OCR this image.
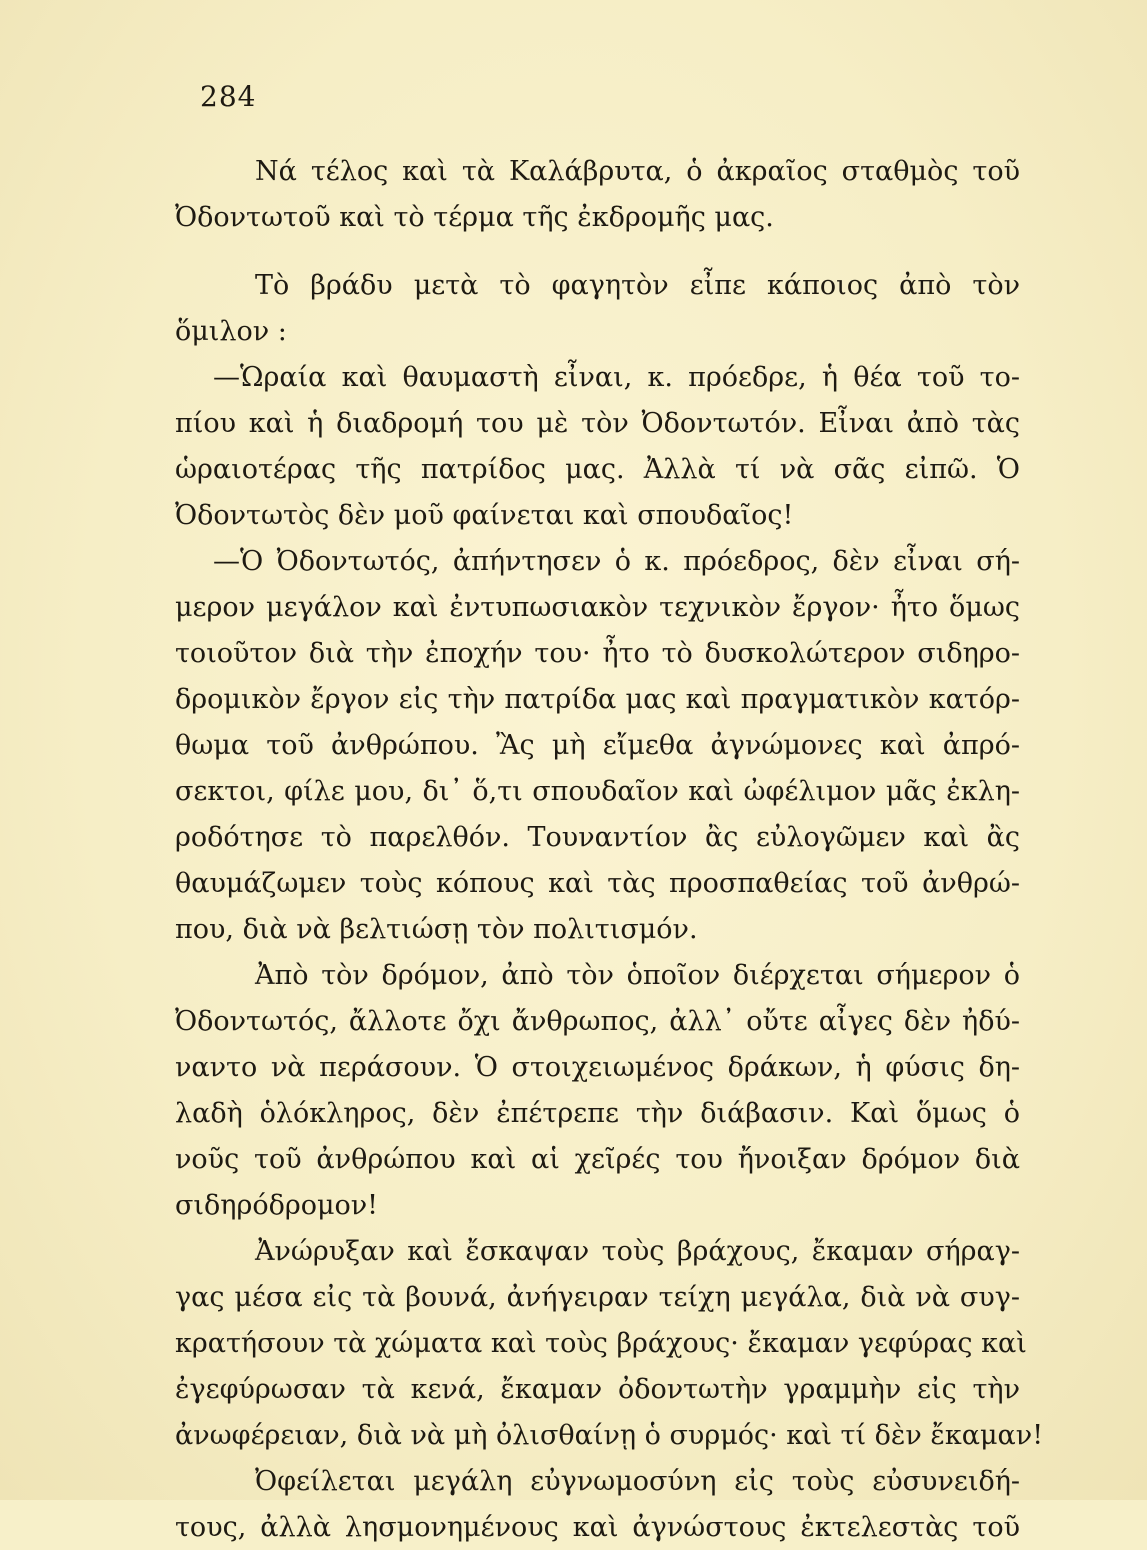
284
Νά τέλος καὶ τὰ Καλάβρυτα, ὁ ἀκραῖος σταθμὸς τοῦ
Ὀδοντωτοῦ καὶ τὸ τέρμα τῆς ἐκδρομῆς μας.
Τὸ βράδυ μετὰ τὸ φαγητὸν εἶπε κάποιος ἀπὸ τὸν
ὅμιλον :
—Ὡραία καὶ θαυμαστὴ εἶναι, κ. πρόεδρε, ἡ θέα τοῦ το-
πίου καὶ ἡ διαδρομή του μὲ τὸν Ὀδοντωτόν. Εἶναι ἀπὸ τὰς
ὡραιοτέρας τῆς πατρίδος μας. Ἀλλὰ τί νὰ σᾶς εἰπῶ. Ὁ
Ὀδοντωτὸς δὲν μοῦ φαίνεται καὶ σπουδαῖος!
—Ὁ Ὀδοντωτός, ἀπήντησεν ὁ κ. πρόεδρος, δὲν εἶναι σή-
μερον μεγάλον καὶ ἐντυπωσιακὸν τεχνικὸν ἔργον· ἦτο ὅμως
τοιοῦτον διὰ τὴν ἐποχήν του· ἦτο τὸ δυσκολώτερον σιδηρο-
δρομικὸν ἔργον εἰς τὴν πατρίδα μας καὶ πραγματικὸν κατόρ-
θωμα τοῦ ἀνθρώπου. Ἂς μὴ εἴμεθα ἀγνώμονες καὶ ἀπρό-
σεκτοι, φίλε μου, δι᾿ ὅ,τι σπουδαῖον καὶ ὠφέλιμον μᾶς ἐκλη-
ροδότησε τὸ παρελθόν. Τουναντίον ἂς εὐλογῶμεν καὶ ἂς
θαυμάζωμεν τοὺς κόπους καὶ τὰς προσπαθείας τοῦ ἀνθρώ-
που, διὰ νὰ βελτιώσῃ τὸν πολιτισμόν.
Ἀπὸ τὸν δρόμον, ἀπὸ τὸν ὁποῖον διέρχεται σήμερον ὁ
Ὀδοντωτός, ἄλλοτε ὄχι ἄνθρωπος, ἀλλ᾿ οὔτε αἶγες δὲν ἠδύ-
ναντο νὰ περάσουν. Ὁ στοιχειωμένος δράκων, ἡ φύσις δη-
λαδὴ ὁλόκληρος, δὲν ἐπέτρεπε τὴν διάβασιν. Καὶ ὅμως ὁ
νοῦς τοῦ ἀνθρώπου καὶ αἱ χεῖρές του ἤνοιξαν δρόμον διὰ
σιδηρόδρομον!
Ἀνώρυξαν καὶ ἔσκαψαν τοὺς βράχους, ἔκαμαν σήραγ-
γας μέσα εἰς τὰ βουνά, ἀνήγειραν τείχη μεγάλα, διὰ νὰ συγ-
κρατήσουν τὰ χώματα καὶ τοὺς βράχους· ἔκαμαν γεφύρας καὶ
ἐγεφύρωσαν τὰ κενά, ἔκαμαν ὀδοντωτὴν γραμμὴν εἰς τὴν
ἀνωφέρειαν, διὰ νὰ μὴ ὀλισθαίνῃ ὁ συρμός· καὶ τί δὲν ἔκαμαν!
Ὀφείλεται μεγάλη εὐγνωμοσύνη εἰς τοὺς εὐσυνειδή-
τους, ἀλλὰ λησμονημένους καὶ ἀγνώστους ἐκτελεστὰς τοῦ
